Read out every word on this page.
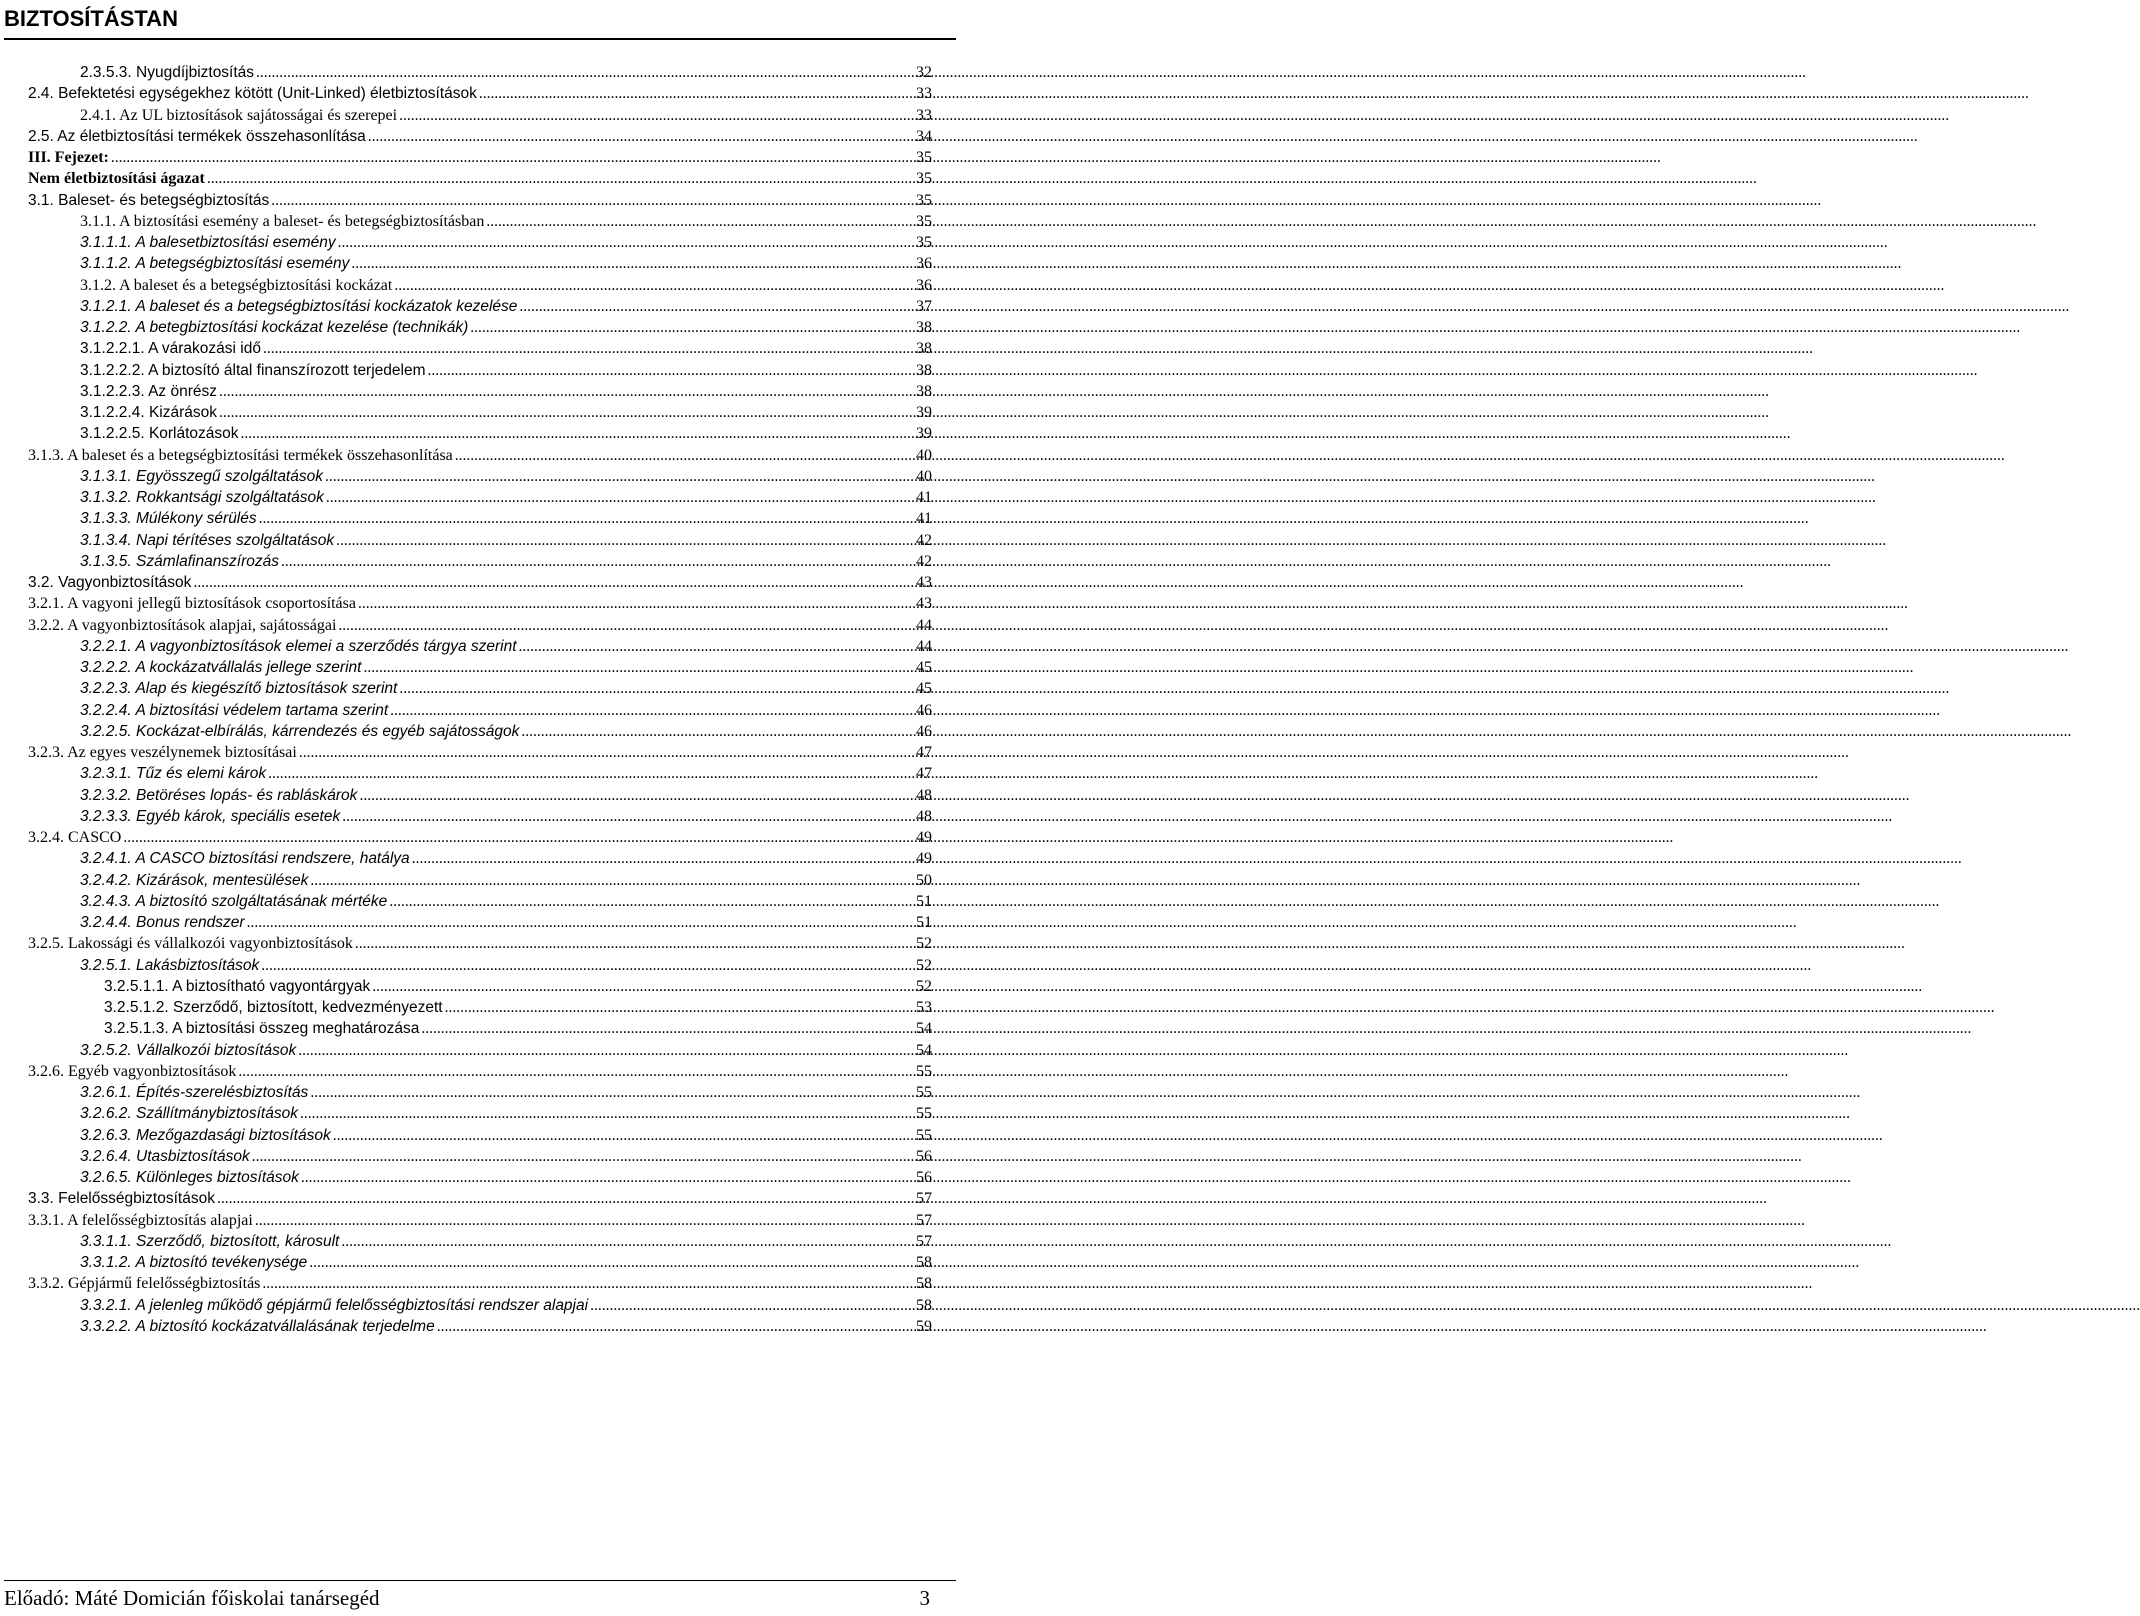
BIZTOSÍTÁSTAN
2.3.5.3. Nyugdíjbiztosítás .....	32
2.4. Befektetési egységekhez kötött (Unit-Linked) életbiztosítások .....	33
2.4.1. Az UL biztosítások sajátosságai és szerepei .....	33
2.5. Az életbiztosítási termékek összehasonlítása .....	34
III. Fejezet: .....	35
Nem életbiztosítási ágazat .....	35
3.1. Baleset- és betegségbiztosítás .....	35
3.1.1. A biztosítási esemény a baleset- és betegségbiztosításban .....	35
3.1.1.1. A balesetbiztosítási esemény .....	35
3.1.1.2. A betegségbiztosítási esemény .....	36
3.1.2. A baleset és a betegségbiztosítási kockázat .....	36
3.1.2.1. A baleset és a betegségbiztosítási kockázatok kezelése .....	37
3.1.2.2. A betegbiztosítási kockázat kezelése (technikák) .....	38
3.1.2.2.1. A várakozási idő .....	38
3.1.2.2.2. A biztosító által finanszírozott terjedelem .....	38
3.1.2.2.3. Az önrész .....	38
3.1.2.2.4. Kizárások .....	39
3.1.2.2.5. Korlátozások .....	39
3.1.3. A baleset és a betegségbiztosítási termékek összehasonlítása .....	40
3.1.3.1. Egyösszegű szolgáltatások .....	40
3.1.3.2. Rokkantsági szolgáltatások .....	41
3.1.3.3. Múlékony sérülés .....	41
3.1.3.4. Napi térítéses szolgáltatások .....	42
3.1.3.5. Számlafinanszírozás .....	42
3.2. Vagyonbiztosítások .....	43
3.2.1. A vagyoni jellegű biztosítások csoportosítása .....	43
3.2.2. A vagyonbiztosítások alapjai, sajátosságai .....	44
3.2.2.1. A vagyonbiztosítások elemei a szerződés tárgya szerint .....	44
3.2.2.2. A kockázatvállalás jellege szerint .....	45
3.2.2.3. Alap és kiegészítő biztosítások szerint .....	45
3.2.2.4. A biztosítási védelem tartama szerint .....	46
3.2.2.5. Kockázat-elbírálás, kárrendezés és egyéb sajátosságok .....	46
3.2.3. Az egyes veszélynemek biztosításai .....	47
3.2.3.1. Tűz és elemi károk .....	47
3.2.3.2. Betöréses lopás- és rabláskárok .....	48
3.2.3.3. Egyéb károk, speciális esetek .....	48
3.2.4. CASCO .....	49
3.2.4.1. A CASCO biztosítási rendszere, hatálya .....	49
3.2.4.2. Kizárások, mentesülések .....	50
3.2.4.3. A biztosító szolgáltatásának mértéke .....	51
3.2.4.4. Bonus rendszer .....	51
3.2.5. Lakossági és vállalkozói vagyonbiztosítások .....	52
3.2.5.1. Lakásbiztosítások .....	52
3.2.5.1.1. A biztosítható vagyontárgyak .....	52
3.2.5.1.2. Szerződő, biztosított, kedvezményezett .....	53
3.2.5.1.3. A biztosítási összeg meghatározása .....	54
3.2.5.2. Vállalkozói biztosítások .....	54
3.2.6. Egyéb vagyonbiztosítások .....	55
3.2.6.1. Építés-szerelésbiztosítás .....	55
3.2.6.2. Szállítmánybiztosítások .....	55
3.2.6.3. Mezőgazdasági biztosítások .....	55
3.2.6.4. Utasbiztosítások .....	56
3.2.6.5. Különleges biztosítások .....	56
3.3. Felelősségbiztosítások .....	57
3.3.1. A felelősségbiztosítás alapjai .....	57
3.3.1.1. Szerződő, biztosított, károsult .....	57
3.3.1.2. A biztosító tevékenysége .....	58
3.3.2. Gépjármű felelősségbiztosítás .....	58
3.3.2.1. A jelenleg működő gépjármű felelősségbiztosítási rendszer alapjai .....	58
3.3.2.2. A biztosító kockázatvállalásának terjedelme .....	59
Előadó: Máté Domicián főiskolai tanársegéd	3
